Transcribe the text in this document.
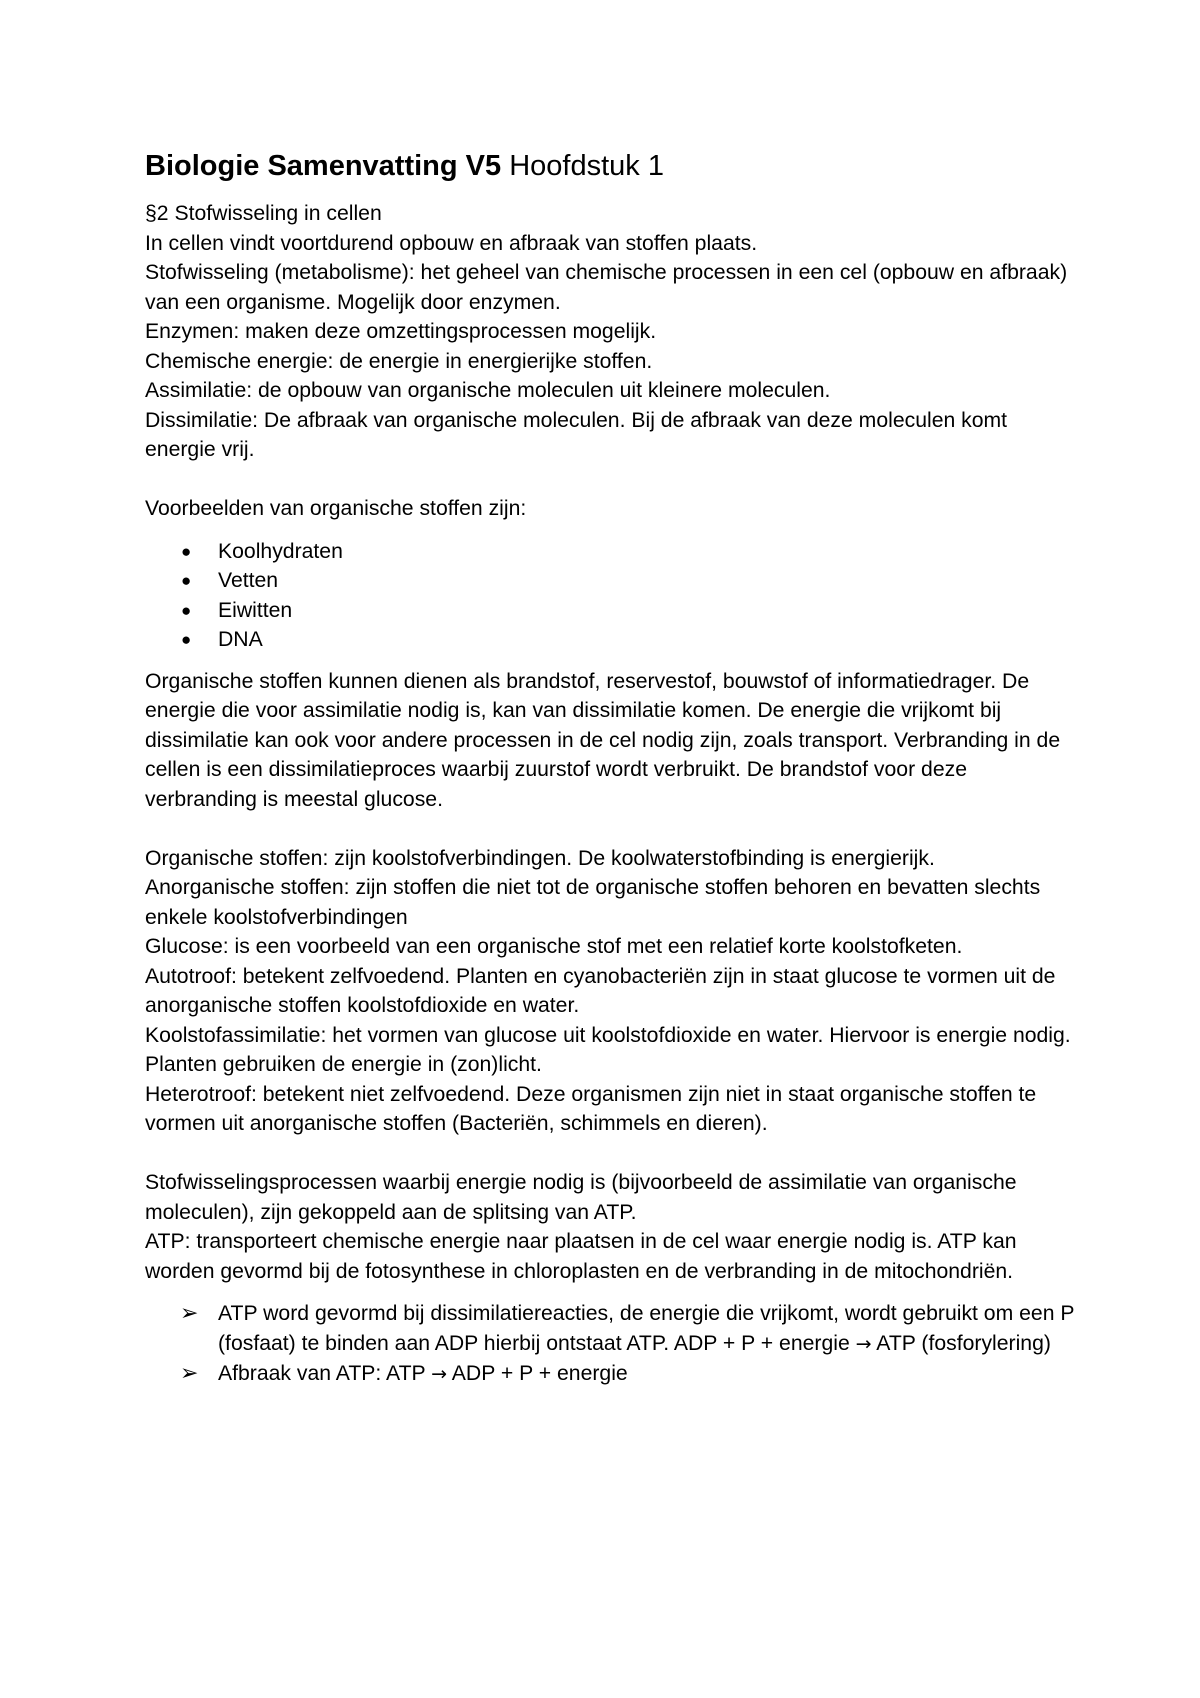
Biologie Samenvatting V5 Hoofdstuk 1

§2 Stofwisseling in cellen

In cellen vindt voortdurend opbouw en afbraak van stoffen plaats.

Stofwisseling (metabolisme): het geheel van chemische processen in een cel (opbouw en afbraak) van een organisme. Mogelijk door enzymen.

Enzymen: maken deze omzettingsprocessen mogelijk.

Chemische energie: de energie in energierijke stoffen.

Assimilatie: de opbouw van organische moleculen uit kleinere moleculen.

Dissimilatie: De afbraak van organische moleculen. Bij de afbraak van deze moleculen komt energie vrij.

Voorbeelden van organische stoffen zijn:

● Koolhydraten
● Vetten
● Eiwitten
● DNA

Organische stoffen kunnen dienen als brandstof, reservestof, bouwstof of informatiedrager. De energie die voor assimilatie nodig is, kan van dissimilatie komen. De energie die vrijkomt bij dissimilatie kan ook voor andere processen in de cel nodig zijn, zoals transport. Verbranding in de cellen is een dissimilatieproces waarbij zuurstof wordt verbruikt. De brandstof voor deze verbranding is meestal glucose.

Organische stoffen: zijn koolstofverbindingen. De koolwaterstofbinding is energierijk.

Anorganische stoffen: zijn stoffen die niet tot de organische stoffen behoren en bevatten slechts enkele koolstofverbindingen

Glucose: is een voorbeeld van een organische stof met een relatief korte koolstofketen.

Autotroof: betekent zelfvoedend. Planten en cyanobacteriën zijn in staat glucose te vormen uit de anorganische stoffen koolstofdioxide en water.

Koolstofassimilatie: het vormen van glucose uit koolstofdioxide en water. Hiervoor is energie nodig. Planten gebruiken de energie in (zon)licht.

Heterotroof: betekent niet zelfvoedend. Deze organismen zijn niet in staat organische stoffen te vormen uit anorganische stoffen (Bacteriën, schimmels en dieren).

Stofwisselingsprocessen waarbij energie nodig is (bijvoorbeeld de assimilatie van organische moleculen), zijn gekoppeld aan de splitsing van ATP.

ATP: transporteert chemische energie naar plaatsen in de cel waar energie nodig is. ATP kan worden gevormd bij de fotosynthese in chloroplasten en de verbranding in de mitochondriën.

➢ ATP word gevormd bij dissimilatiereacties, de energie die vrijkomt, wordt gebruikt om een P (fosfaat) te binden aan ADP hierbij ontstaat ATP. ADP + P + energie → ATP (fosforylering)
➢ Afbraak van ATP: ATP → ADP + P + energie
